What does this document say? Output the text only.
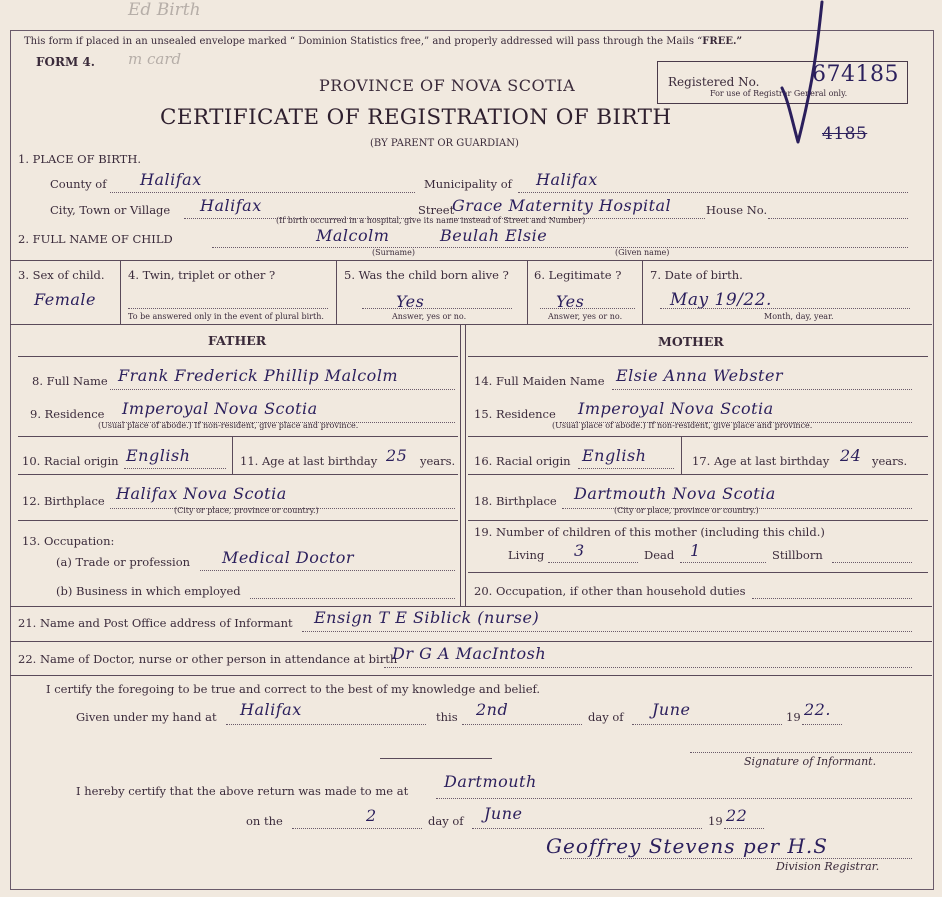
Ed Birth
m card
This form if placed in an unsealed envelope marked “ Dominion Statistics free,” and properly addressed will pass through the Mails “FREE.”
FORM 4.
PROVINCE OF NOVA SCOTIA
CERTIFICATE OF REGISTRATION OF BIRTH
(BY PARENT OR GUARDIAN)
Registered No. 674185
For use of Registrar General only.
4185
1. PLACE OF BIRTH.
County of Halifax	Municipality of Halifax
City, Town or Village Halifax	Street
Grace Maternity Hospital
(If birth occurred in a hospital, give its name instead of Street and Number)
House No.
2. FULL NAME OF CHILD	Malcolm	Beulah Elsie
(Surname)	(Given name)
3. Sex of child.
Female
4. Twin, triplet or other ?
To be answered only in the event of plural birth.
5. Was the child born alive ?
Yes
Answer, yes or no.
6. Legitimate ?
Yes
Answer, yes or no.
7. Date of birth.
May 19/22.
Month, day, year.
FATHER	MOTHER
8. Full Name Frank Frederick Phillip Malcolm
9. Residence Imperoyal Nova Scotia
(Usual place of abode.) If non-resident, give place and province.
10. Racial origin English	11. Age at last birthday 25 years.
12. Birthplace Halifax Nova Scotia
(City or place, province or country.)
13. Occupation:
(a) Trade or profession Medical Doctor
(b) Business in which employed
14. Full Maiden Name Elsie Anna Webster
15. Residence Imperoyal Nova Scotia
(Usual place of abode.) If non-resident, give place and province.
16. Racial origin English	17. Age at last birthday 24 years.
18. Birthplace Dartmouth Nova Scotia
(City or place, province or country.)
19. Number of children of this mother (including this child.)
Living 3	Dead 1	Stillborn
20. Occupation, if other than household duties
21. Name and Post Office address of Informant Ensign T E Siblick (nurse)
22. Name of Doctor, nurse or other person in attendance at birth
Dr G A MacIntosh
I certify the foregoing to be true and correct to the best of my knowledge and belief.
Given under my hand at Halifax	this 2nd	day of June	19 22.
Signature of Informant.
I hereby certify that the above return was made to me at Dartmouth
on the	2	day of June	19 22
Geoffrey Stevens per H.S
Division Registrar.
